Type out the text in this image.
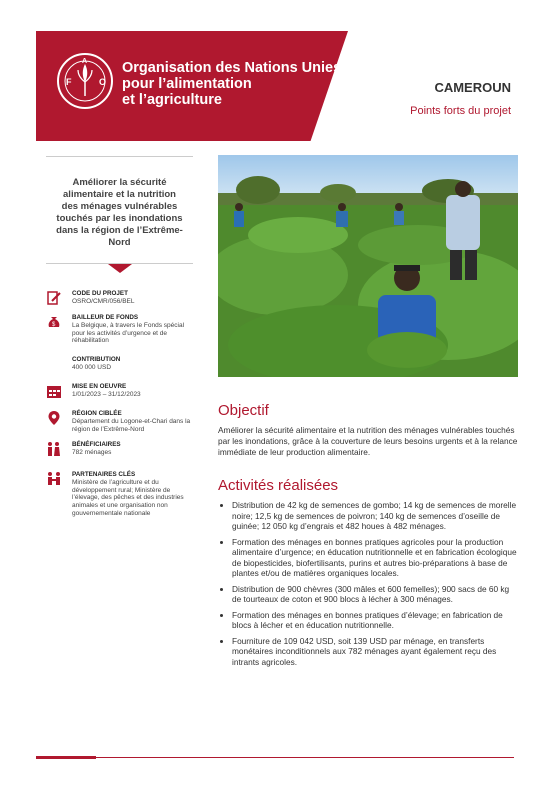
F	O
A Organisation des Nations Unies
pour l’alimentation
et l’agriculture
CAMEROUN
Points forts du projet
Améliorer la sécurité alimentaire et la nutrition des ménages vulnérables touchés par les inondations dans la région de l’Extrême-Nord
CODE DU PROJET
OSRO/CMR/056/BEL
$
BAILLEUR DE FONDS
La Belgique, à travers le Fonds spécial pour les activités d’urgence et de réhabilitation
CONTRIBUTION
400 000 USD
MISE EN OEUVRE
1/01/2023 – 31/12/2023
RÉGION CIBLÉE
Département du Logone-et-Chari dans la région de l’Extrême-Nord
BÉNÉFICIAIRES
782 ménages
PARTENAIRES CLÉS
Ministère de l’agriculture et du développement rural; Ministère de l’élevage, des pêches et des industries animales et une organisation non gouvernementale nationale
Objectif
Améliorer la sécurité alimentaire et la nutrition des ménages vulnérables touchés par les inondations, grâce à la couverture de leurs besoins urgents et à la relance immédiate de leur production alimentaire.
Activités réalisées
• Distribution de 42 kg de semences de gombo; 14 kg de semences de morelle noire; 12,5 kg de semences de poivron; 140 kg de semences d’oseille de guinée; 12 050 kg d’engrais et 482 houes à 482 ménages.
• Formation des ménages en bonnes pratiques agricoles pour la production alimentaire d’urgence; en éducation nutritionnelle et en fabrication écologique de biopesticides, biofertilisants, purins et autres bio-préparations à base de plantes et/ou de matières organiques locales.
• Distribution de 900 chèvres (300 mâles et 600 femelles); 900 sacs de 60 kg de tourteaux de coton et 900 blocs à lécher à 300 ménages.
• Formation des ménages en bonnes pratiques d’élevage; en fabrication de blocs à lécher et en éducation nutritionnelle.
• Fourniture de 109 042 USD, soit 139 USD par ménage, en transferts monétaires inconditionnels aux 782 ménages ayant également reçu des intrants agricoles.
